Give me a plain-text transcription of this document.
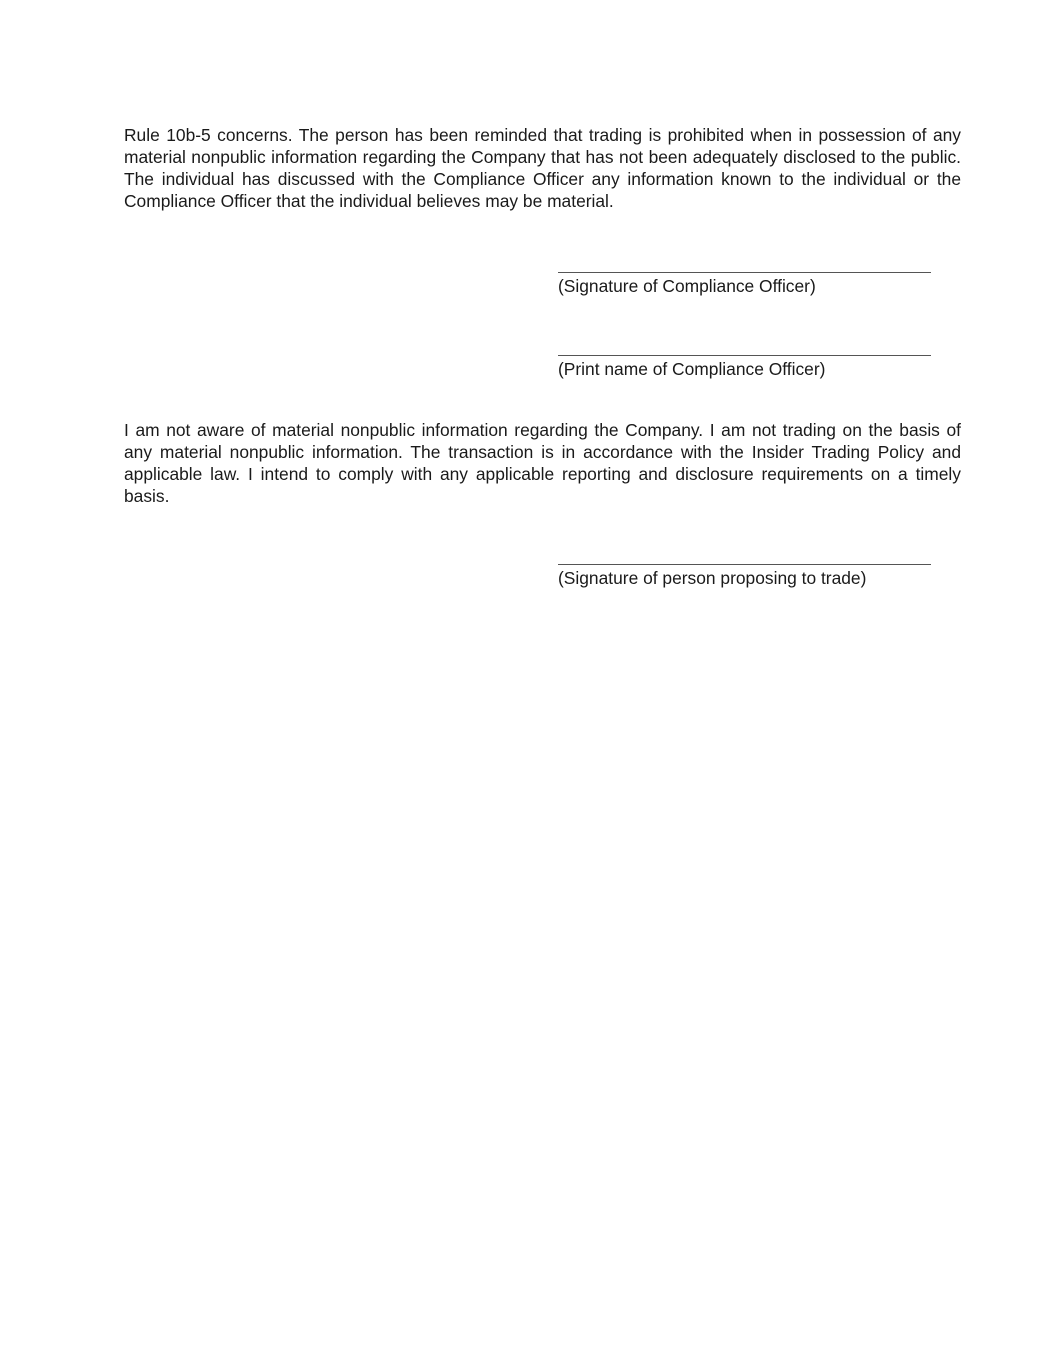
Rule 10b-5 concerns. The person has been reminded that trading is prohibited when in possession of any material nonpublic information regarding the Company that has not been adequately disclosed to the public. The individual has discussed with the Compliance Officer any information known to the individual or the Compliance Officer that the individual believes may be material.

(Signature of Compliance Officer)
(Print name of Compliance Officer)

I am not aware of material nonpublic information regarding the Company. I am not trading on the basis of any material nonpublic information. The transaction is in accordance with the Insider Trading Policy and applicable law. I intend to comply with any applicable reporting and disclosure requirements on a timely basis.

(Signature of person proposing to trade)
